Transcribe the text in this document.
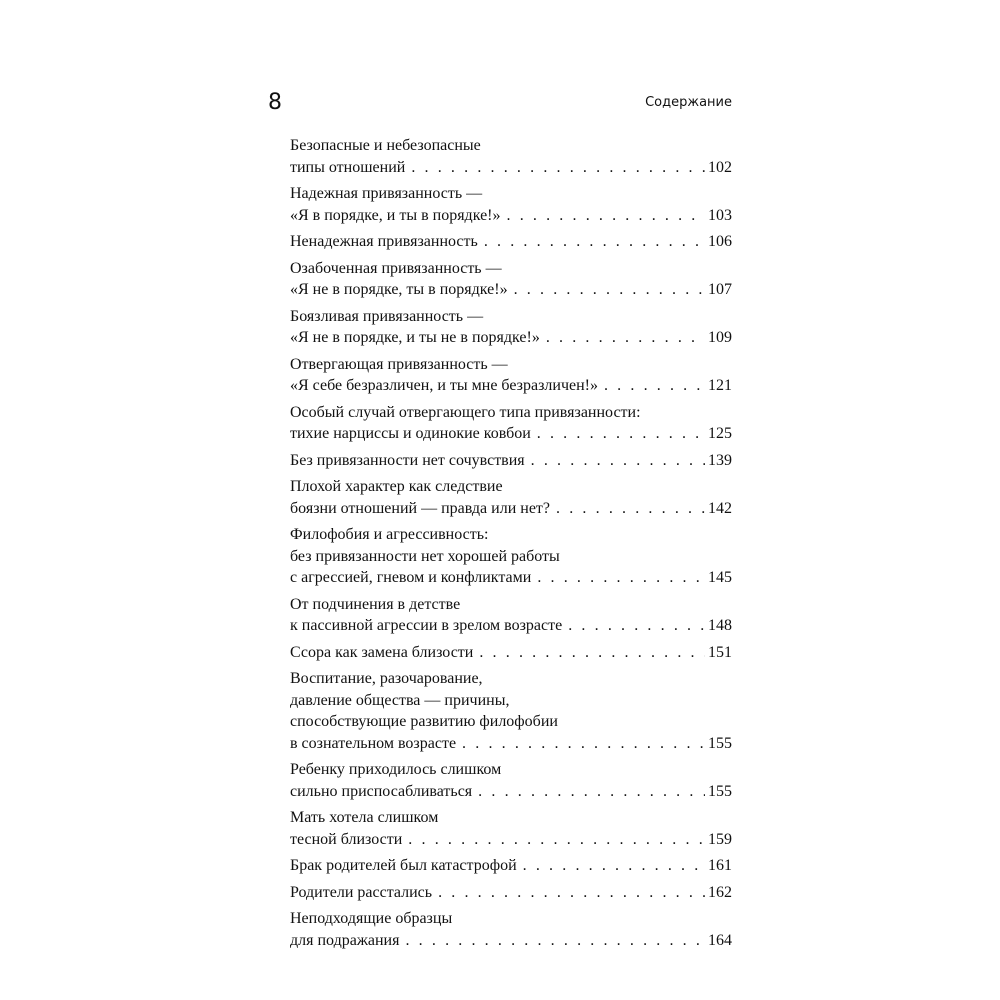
8	Содержание
Безопасные и небезопасные
типы отношений . . .	102
Надежная привязанность —
«Я в порядке, и ты в порядке!» . . .	103
Ненадежная привязанность . . .	106
Озабоченная привязанность —
«Я не в порядке, ты в порядке!» . . .	107
Боязливая привязанность —
«Я не в порядке, и ты не в порядке!» . . .	109
Отвергающая привязанность —
«Я себе безразличен, и ты мне безразличен!» . . .	121
Особый случай отвергающего типа привязанности:
тихие нарциссы и одинокие ковбои . . .	125
Без привязанности нет сочувствия . . .	139
Плохой характер как следствие
боязни отношений — правда или нет? . . .	142
Филофобия и агрессивность:
без привязанности нет хорошей работы
с агрессией, гневом и конфликтами . . .	145
От подчинения в детстве
к пассивной агрессии в зрелом возрасте . . .	148
Ссора как замена близости . . .	151
Воспитание, разочарование,
давление общества — причины,
способствующие развитию филофобии
в сознательном возрасте . . .	155
Ребенку приходилось слишком
сильно приспосабливаться . . .	155
Мать хотела слишком
тесной близости . . .	159
Брак родителей был катастрофой . . .	161
Родители расстались . . .	162
Неподходящие образцы
для подражания . . .	164
